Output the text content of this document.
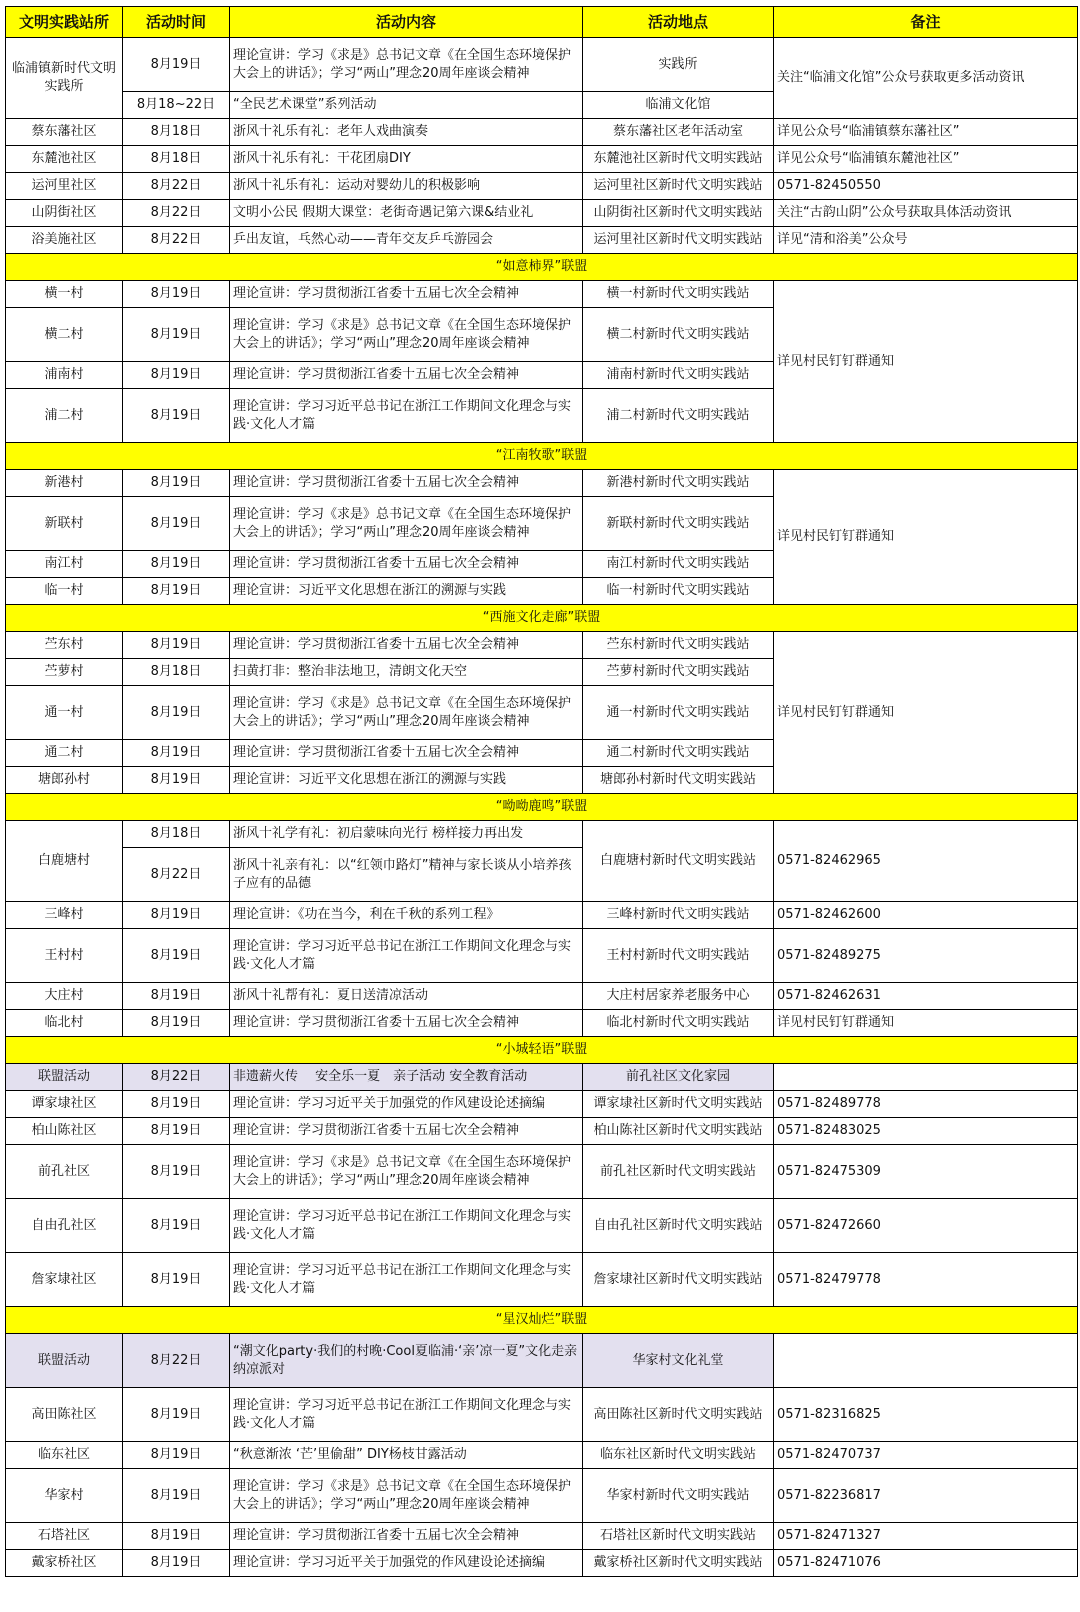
文明实践站所	活动时间	活动内容	活动地点	备注
临浦镇新时代文明实践所	8月19日	理论宣讲：学习《求是》总书记文章《在全国生态环境保护大会上的讲话》；学习“两山”理念20周年座谈会精神	实践所	关注“临浦文化馆”公众号获取更多活动资讯
	8月18~22日	“全民艺术课堂”系列活动	临浦文化馆	
蔡东藩社区	8月18日	浙风十礼乐有礼：老年人戏曲演奏	蔡东藩社区老年活动室	详见公众号“临浦镇蔡东藩社区”
东麓池社区	8月18日	浙风十礼乐有礼：干花团扇DIY	东麓池社区新时代文明实践站	详见公众号“临浦镇东麓池社区”
运河里社区	8月22日	浙风十礼乐有礼：运动对婴幼儿的积极影响	运河里社区新时代文明实践站	0571-82450550
山阴街社区	8月22日	文明小公民 假期大课堂：老街奇遇记第六课&结业礼	山阴街社区新时代文明实践站	关注“古韵山阴”公众号获取具体活动资讯
浴美施社区	8月22日	乒出友谊，乓然心动——青年交友乒乓游园会	运河里社区新时代文明实践站	详见“清和浴美”公众号
“如意柿界”联盟				
横一村	8月19日	理论宣讲：学习贯彻浙江省委十五届七次全会精神	横一村新时代文明实践站	详见村民钉钉群通知
横二村	8月19日	理论宣讲：学习《求是》总书记文章《在全国生态环境保护大会上的讲话》；学习“两山”理念20周年座谈会精神	横二村新时代文明实践站	
浦南村	8月19日	理论宣讲：学习贯彻浙江省委十五届七次全会精神	浦南村新时代文明实践站	
浦二村	8月19日	理论宣讲：学习习近平总书记在浙江工作期间文化理念与实践·文化人才篇	浦二村新时代文明实践站	
“江南牧歌”联盟				
新港村	8月19日	理论宣讲：学习贯彻浙江省委十五届七次全会精神	新港村新时代文明实践站	详见村民钉钉群通知
新联村	8月19日	理论宣讲：学习《求是》总书记文章《在全国生态环境保护大会上的讲话》；学习“两山”理念20周年座谈会精神	新联村新时代文明实践站	
南江村	8月19日	理论宣讲：学习贯彻浙江省委十五届七次全会精神	南江村新时代文明实践站	
临一村	8月19日	理论宣讲：习近平文化思想在浙江的溯源与实践	临一村新时代文明实践站	
“西施文化走廊”联盟				
苎东村	8月19日	理论宣讲：学习贯彻浙江省委十五届七次全会精神	苎东村新时代文明实践站	详见村民钉钉群通知
苎萝村	8月18日	扫黄打非：整治非法地卫，清朗文化天空	苎萝村新时代文明实践站	
通一村	8月19日	理论宣讲：学习《求是》总书记文章《在全国生态环境保护大会上的讲话》；学习“两山”理念20周年座谈会精神	通一村新时代文明实践站	
通二村	8月19日	理论宣讲：学习贯彻浙江省委十五届七次全会精神	通二村新时代文明实践站	
塘郎孙村	8月19日	理论宣讲：习近平文化思想在浙江的溯源与实践	塘郎孙村新时代文明实践站	
“呦呦鹿鸣”联盟				
白鹿塘村	8月18日	浙风十礼学有礼：初启蒙味向光行 榜样接力再出发	白鹿塘村新时代文明实践站	0571-82462965
	8月22日	浙风十礼亲有礼：以“红领巾路灯”精神与家长谈从小培养孩子应有的品德		
三峰村	8月19日	理论宣讲：《功在当今，利在千秋的系列工程》	三峰村新时代文明实践站	0571-82462600
王村村	8月19日	理论宣讲：学习习近平总书记在浙江工作期间文化理念与实践·文化人才篇	王村村新时代文明实践站	0571-82489275
大庄村	8月19日	浙风十礼帮有礼：夏日送清凉活动	大庄村居家养老服务中心	0571-82462631
临北村	8月19日	理论宣讲：学习贯彻浙江省委十五届七次全会精神	临北村新时代文明实践站	详见村民钉钉群通知
“小城轻语”联盟				
联盟活动	8月22日	非遗薪火传　 安全乐一夏　亲子活动 安全教育活动	前孔社区文化家园	
谭家埭社区	8月19日	理论宣讲：学习习近平关于加强党的作风建设论述摘编	谭家埭社区新时代文明实践站	0571-82489778
柏山陈社区	8月19日	理论宣讲：学习贯彻浙江省委十五届七次全会精神	柏山陈社区新时代文明实践站	0571-82483025
前孔社区	8月19日	理论宣讲：学习《求是》总书记文章《在全国生态环境保护大会上的讲话》；学习“两山”理念20周年座谈会精神	前孔社区新时代文明实践站	0571-82475309
自由孔社区	8月19日	理论宣讲：学习习近平总书记在浙江工作期间文化理念与实践·文化人才篇	自由孔社区新时代文明实践站	0571-82472660
詹家埭社区	8月19日	理论宣讲：学习习近平总书记在浙江工作期间文化理念与实践·文化人才篇	詹家埭社区新时代文明实践站	0571-82479778
“星汉灿烂”联盟				
联盟活动	8月22日	“潮文化party·我们的村晚·Cool夏临浦·‘亲’凉一夏”文化走亲纳凉派对	华家村文化礼堂	
高田陈社区	8月19日	理论宣讲：学习习近平总书记在浙江工作期间文化理念与实践·文化人才篇	高田陈社区新时代文明实践站	0571-82316825
临东社区	8月19日	“秋意渐浓 ‘芒’里偷甜” DIY杨枝甘露活动	临东社区新时代文明实践站	0571-82470737
华家村	8月19日	理论宣讲：学习《求是》总书记文章《在全国生态环境保护大会上的讲话》；学习“两山”理念20周年座谈会精神	华家村新时代文明实践站	0571-82236817
石塔社区	8月19日	理论宣讲：学习贯彻浙江省委十五届七次全会精神	石塔社区新时代文明实践站	0571-82471327
戴家桥社区	8月19日	理论宣讲：学习习近平关于加强党的作风建设论述摘编	戴家桥社区新时代文明实践站	0571-82471076
